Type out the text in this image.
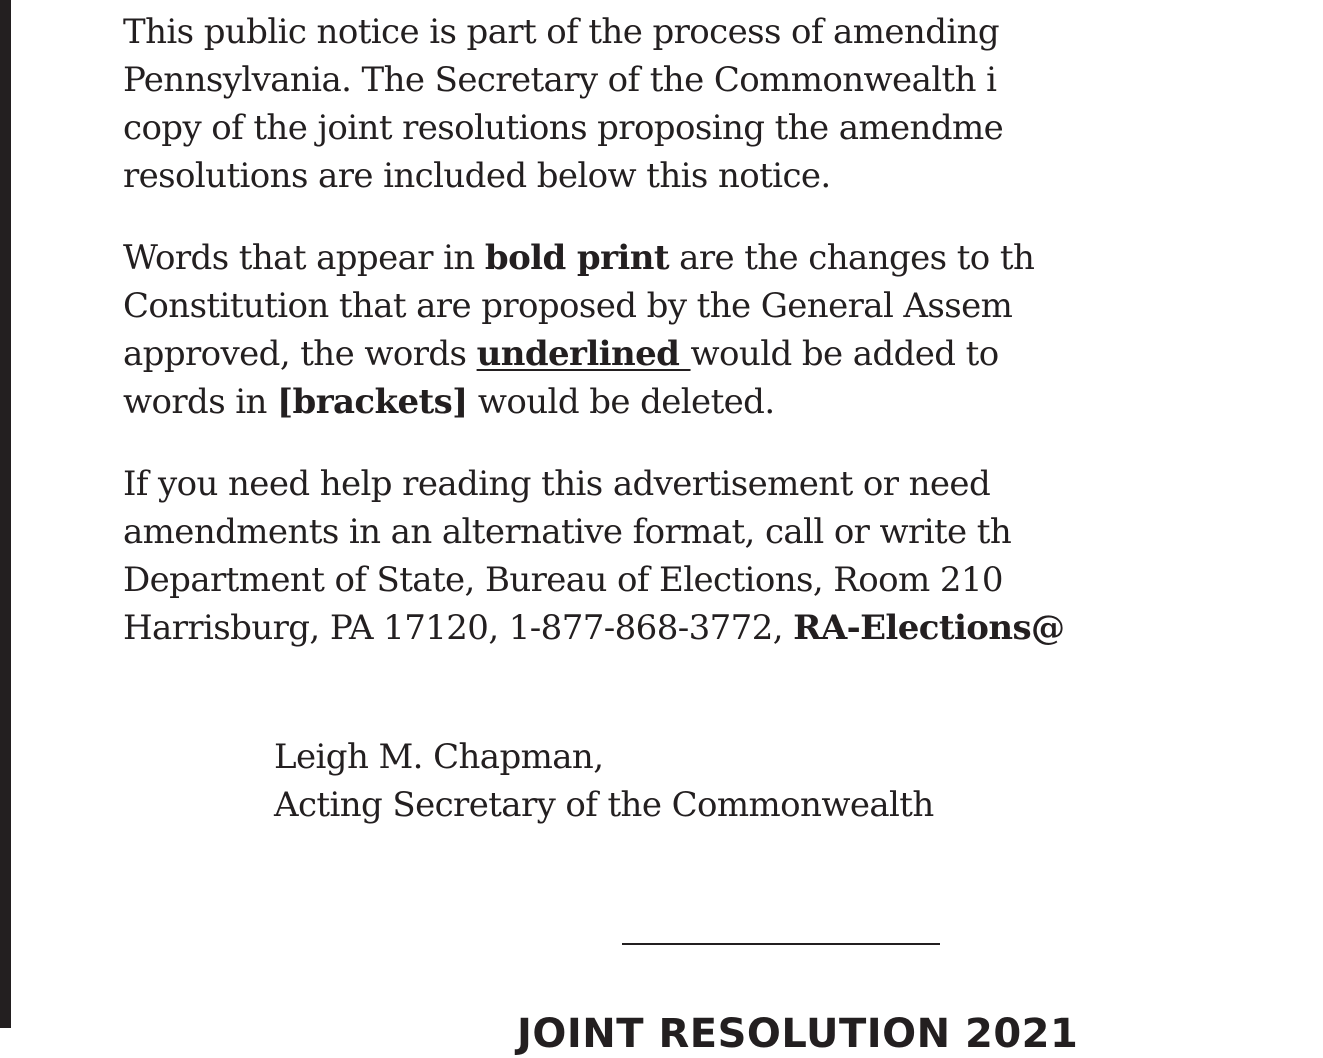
This public notice is part of the process of amending
Pennsylvania. The Secretary of the Commonwealth i
copy of the joint resolutions proposing the amendme
resolutions are included below this notice.
Words that appear in bold print are the changes to th
Constitution that are proposed by the General Assem
approved, the words underlined would be added to
words in [brackets] would be deleted.
If you need help reading this advertisement or need
amendments in an alternative format, call or write th
Department of State, Bureau of Elections, Room 210
Harrisburg, PA 17120, 1-877-868-3772, RA-Elections@
Leigh M. Chapman,
Acting Secretary of the Commonwealth
JOINT RESOLUTION 2021
